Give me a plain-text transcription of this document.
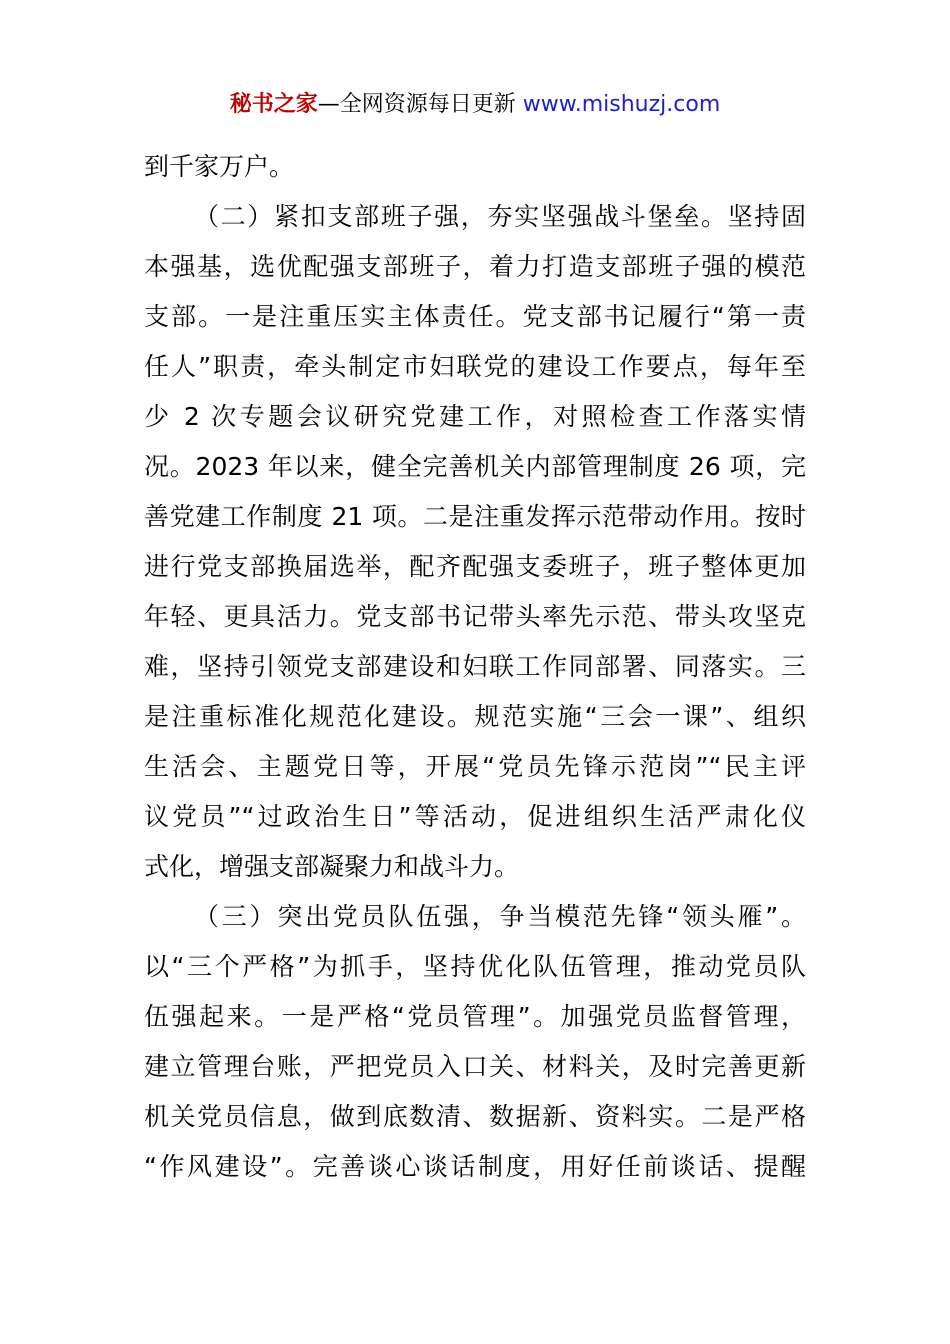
秘书之家—全网资源每日更新 www.mishuzj.com
到千家万户。
（二）紧扣支部班子强，夯实坚强战斗堡垒。坚持固
本强基，选优配强支部班子，着力打造支部班子强的模范
支部。一是注重压实主体责任。党支部书记履行“第一责
任人”职责，牵头制定市妇联党的建设工作要点，每年至
少 2 次专题会议研究党建工作，对照检查工作落实情
况。2023 年以来，健全完善机关内部管理制度 26 项，完
善党建工作制度 21 项。二是注重发挥示范带动作用。按时
进行党支部换届选举，配齐配强支委班子，班子整体更加
年轻、更具活力。党支部书记带头率先示范、带头攻坚克
难，坚持引领党支部建设和妇联工作同部署、同落实。三
是注重标准化规范化建设。规范实施“三会一课”、组织
生活会、主题党日等，开展“党员先锋示范岗”“民主评
议党员”“过政治生日”等活动，促进组织生活严肃化仪
式化，增强支部凝聚力和战斗力。
（三）突出党员队伍强，争当模范先锋“领头雁”。
以“三个严格”为抓手，坚持优化队伍管理，推动党员队
伍强起来。一是严格“党员管理”。加强党员监督管理，
建立管理台账，严把党员入口关、材料关，及时完善更新
机关党员信息，做到底数清、数据新、资料实。二是严格
“作风建设”。完善谈心谈话制度，用好任前谈话、提醒
